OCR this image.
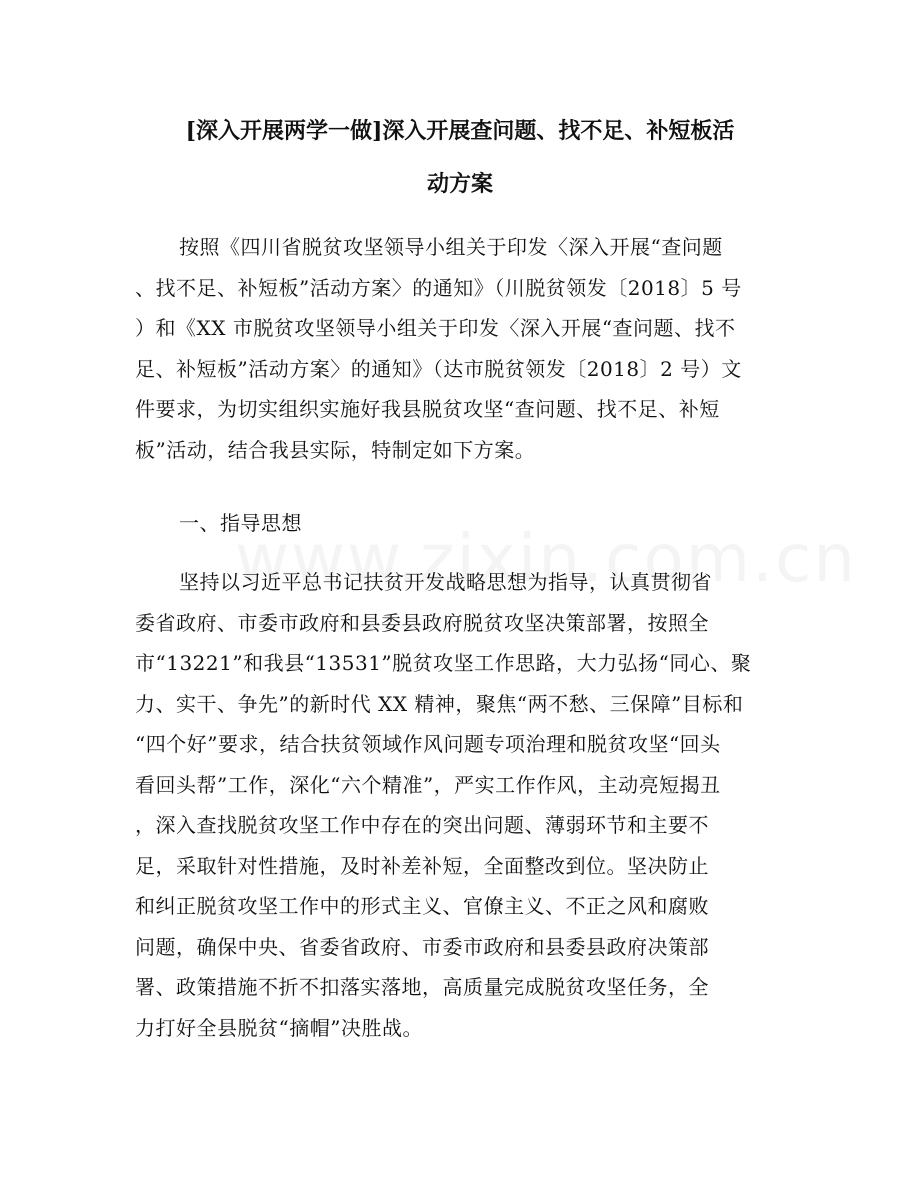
[深入开展两学一做]深入开展查问题、找不足、补短板活
动方案
按照《四川省脱贫攻坚领导小组关于印发〈深入开展“查问题
、找不足、补短板”活动方案〉的通知》（川脱贫领发〔2018〕5 号
）和《XX 市脱贫攻坚领导小组关于印发〈深入开展“查问题、找不
足、补短板”活动方案〉的通知》（达市脱贫领发〔2018〕2 号）文
件要求，为切实组织实施好我县脱贫攻坚“查问题、找不足、补短
板”活动，结合我县实际，特制定如下方案。
一、指导思想
坚持以习近平总书记扶贫开发战略思想为指导，认真贯彻省
委省政府、市委市政府和县委县政府脱贫攻坚决策部署，按照全
市“13221”和我县“13531”脱贫攻坚工作思路，大力弘扬“同心、聚
力、实干、争先”的新时代 XX 精神，聚焦“两不愁、三保障”目标和
“四个好”要求，结合扶贫领域作风问题专项治理和脱贫攻坚“回头
看回头帮”工作，深化“六个精准”，严实工作作风，主动亮短揭丑
，深入查找脱贫攻坚工作中存在的突出问题、薄弱环节和主要不
足，采取针对性措施，及时补差补短，全面整改到位。坚决防止
和纠正脱贫攻坚工作中的形式主义、官僚主义、不正之风和腐败
问题，确保中央、省委省政府、市委市政府和县委县政府决策部
署、政策措施不折不扣落实落地，高质量完成脱贫攻坚任务，全
力打好全县脱贫“摘帽”决胜战。
